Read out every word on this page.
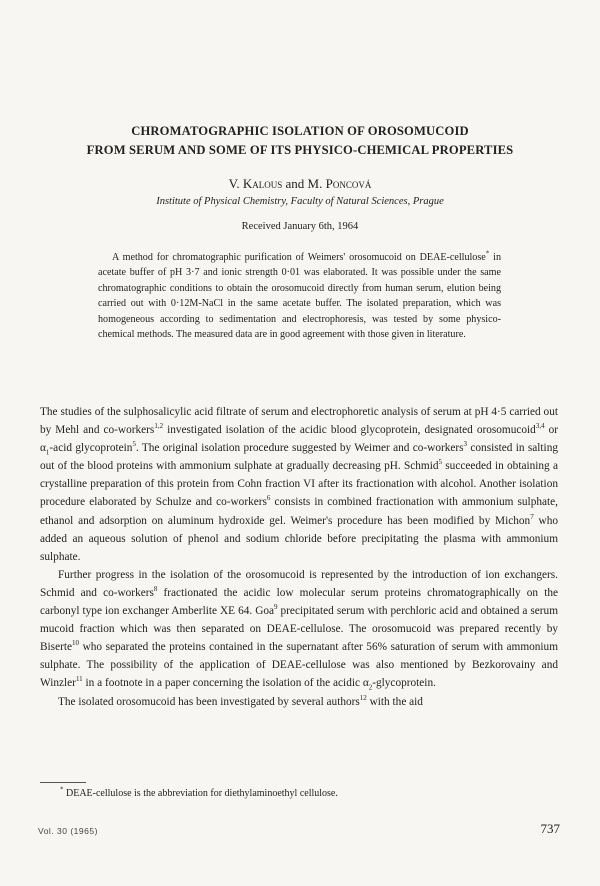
CHROMATOGRAPHIC ISOLATION OF OROSOMUCOID
FROM SERUM AND SOME OF ITS PHYSICO-CHEMICAL PROPERTIES
V. Kalous and M. Poncová
Institute of Physical Chemistry, Faculty of Natural Sciences, Prague
Received January 6th, 1964

A method for chromatographic purification of Weimers' orosomucoid on DEAE-cellulose* in acetate buffer of pH 3·7 and ionic strength 0·01 was elaborated. It was possible under the same chromatographic conditions to obtain the orosomucoid directly from human serum, elution being carried out with 0·12M-NaCl in the same acetate buffer. The isolated preparation, which was homogeneous according to sedimentation and electrophoresis, was tested by some physico-chemical methods. The measured data are in good agreement with those given in literature.

The studies of the sulphosalicylic acid filtrate of serum and electrophoretic analysis of serum at pH 4·5 carried out by Mehl and co-workers$^{1,2}$ investigated isolation of the acidic blood glycoprotein, designated orosomucoid$^{3,4}$ or $\alpha_1$-acid glycoprotein$^5$. The original isolation procedure suggested by Weimer and co-workers$^3$ consisted in salting out of the blood proteins with ammonium sulphate at gradually decreasing pH. Schmid$^5$ succeeded in obtaining a crystalline preparation of this protein from Cohn fraction VI after its fractionation with alcohol. Another isolation procedure elaborated by Schulze and co-workers$^6$ consists in combined fractionation with ammonium sulphate, ethanol and adsorption on aluminum hydroxide gel. Weimer's procedure has been modified by Michon$^7$ who added an aqueous solution of phenol and sodium chloride before precipitating the plasma with ammonium sulphate.

Further progress in the isolation of the orosomucoid is represented by the introduction of ion exchangers. Schmid and co-workers$^8$ fractionated the acidic low molecular serum proteins chromatographically on the carbonyl type ion exchanger Amberlite XE 64. Goa$^9$ precipitated serum with perchloric acid and obtained a serum mucoid fraction which was then separated on DEAE-cellulose. The orosomucoid was prepared recently by Biserte$^{10}$ who separated the proteins contained in the supernatant after 56% saturation of serum with ammonium sulphate. The possibility of the application of DEAE-cellulose was also mentioned by Bezkorovainy and Winzler$^{11}$ in a footnote in a paper concerning the isolation of the acidic $\alpha_2$-glycoprotein.

The isolated orosomucoid has been investigated by several authors$^{12}$ with the aid

* DEAE-cellulose is the abbreviation for diethylaminoethyl cellulose.
Vol. 30 (1965)	737
